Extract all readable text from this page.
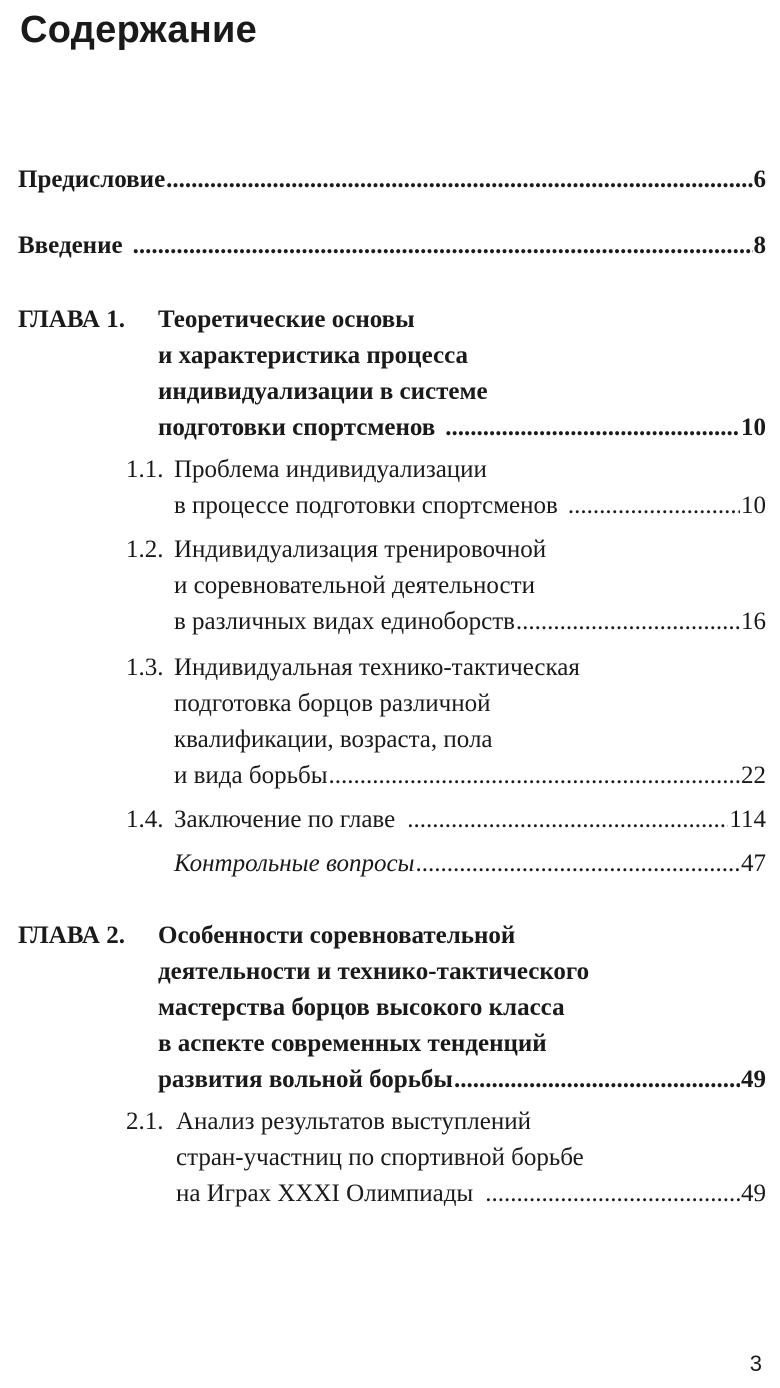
Содержание
Предисловие .....	6
Введение .....	8
ГЛАВА 1. Теоретические основы
и характеристика процесса
индивидуализации в системе
подготовки спортсменов .....	10
1.1. Проблема индивидуализации
в процессе подготовки спортсменов .....	10
1.2. Индивидуализация тренировочной
и соревновательной деятельности
в различных видах единоборств .....	16
1.3. Индивидуальная технико-тактическая
подготовка борцов различной
квалификации, возраста, пола
и вида борьбы .....	22
1.4. Заключение по главе .....	114
Контрольные вопросы .....	47
ГЛАВА 2. Особенности соревновательной
деятельности и технико-тактического
мастерства борцов высокого класса
в аспекте современных тенденций
развития вольной борьбы .....	49
2.1. Анализ результатов выступлений
стран-участниц по спортивной борьбе
на Играх XXXI Олимпиады .....	49
3
